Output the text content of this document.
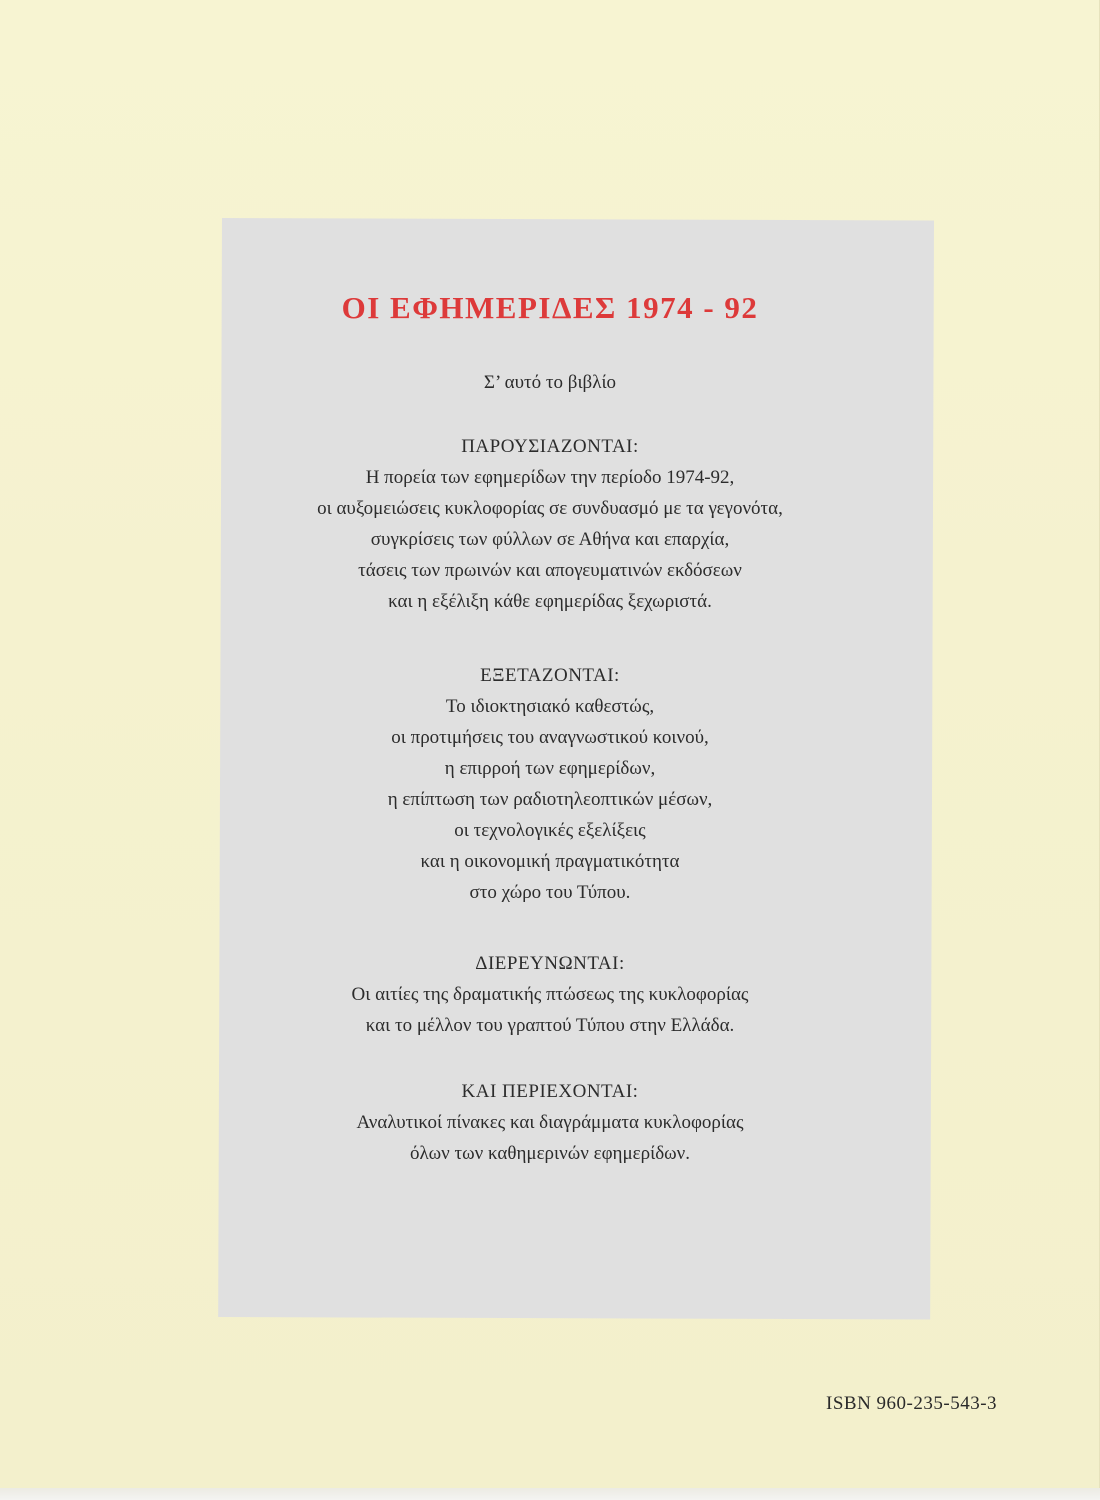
ΟΙ ΕΦΗΜΕΡΙΔΕΣ 1974 - 92

Σ’ αυτό το βιβλίο

ΠΑΡΟΥΣΙΑΖΟΝΤΑΙ:
Η πορεία των εφημερίδων την περίοδο 1974-92,
οι αυξομειώσεις κυκλοφορίας σε συνδυασμό με τα γεγονότα,
συγκρίσεις των φύλλων σε Αθήνα και επαρχία,
τάσεις των πρωινών και απογευματινών εκδόσεων
και η εξέλιξη κάθε εφημερίδας ξεχωριστά.
ΕΞΕΤΑΖΟΝΤΑΙ:
Το ιδιοκτησιακό καθεστώς,
οι προτιμήσεις του αναγνωστικού κοινού,
η επιρροή των εφημερίδων,
η επίπτωση των ραδιοτηλεοπτικών μέσων,
οι τεχνολογικές εξελίξεις
και η οικονομική πραγματικότητα
στο χώρο του Τύπου.
ΔΙΕΡΕΥΝΩΝΤΑΙ:
Οι αιτίες της δραματικής πτώσεως της κυκλοφορίας
και το μέλλον του γραπτού Τύπου στην Ελλάδα.
ΚΑΙ ΠΕΡΙΕΧΟΝΤΑΙ:
Αναλυτικοί πίνακες και διαγράμματα κυκλοφορίας
όλων των καθημερινών εφημερίδων.
ISBN 960-235-543-3
